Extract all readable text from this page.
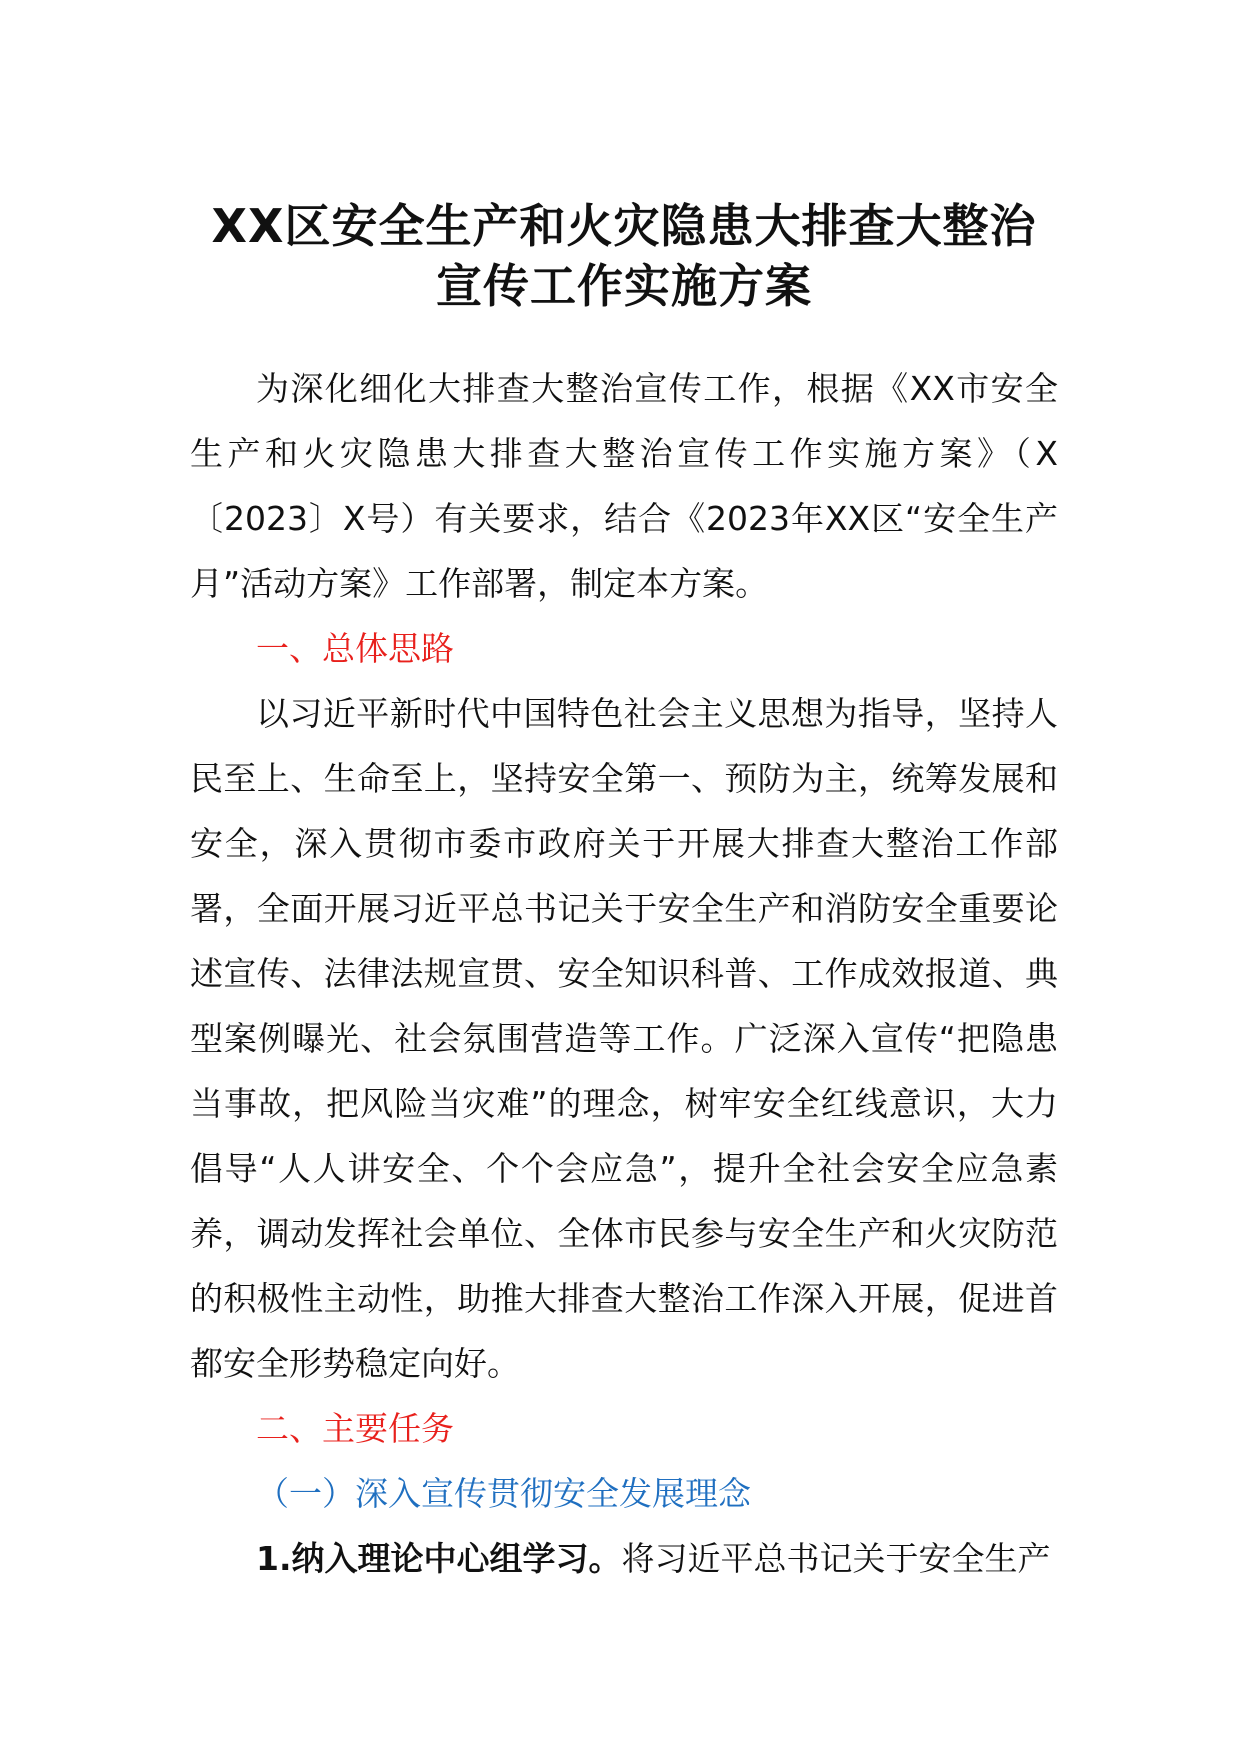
XX区安全生产和火灾隐患大排查大整治宣传工作实施方案

为深化细化大排查大整治宣传工作，根据《XX市安全生产和火灾隐患大排查大整治宣传工作实施方案》（X〔2023〕X号）有关要求，结合《2023年XX区“安全生产月”活动方案》工作部署，制定本方案。

一、总体思路

以习近平新时代中国特色社会主义思想为指导，坚持人民至上、生命至上，坚持安全第一、预防为主，统筹发展和安全，深入贯彻市委市政府关于开展大排查大整治工作部署，全面开展习近平总书记关于安全生产和消防安全重要论述宣传、法律法规宣贯、安全知识科普、工作成效报道、典型案例曝光、社会氛围营造等工作。广泛深入宣传“把隐患当事故，把风险当灾难”的理念，树牢安全红线意识，大力倡导“人人讲安全、个个会应急”，提升全社会安全应急素养，调动发挥社会单位、全体市民参与安全生产和火灾防范的积极性主动性，助推大排查大整治工作深入开展，促进首都安全形势稳定向好。

二、主要任务

（一）深入宣传贯彻安全发展理念

1.纳入理论中心组学习。将习近平总书记关于安全生产
